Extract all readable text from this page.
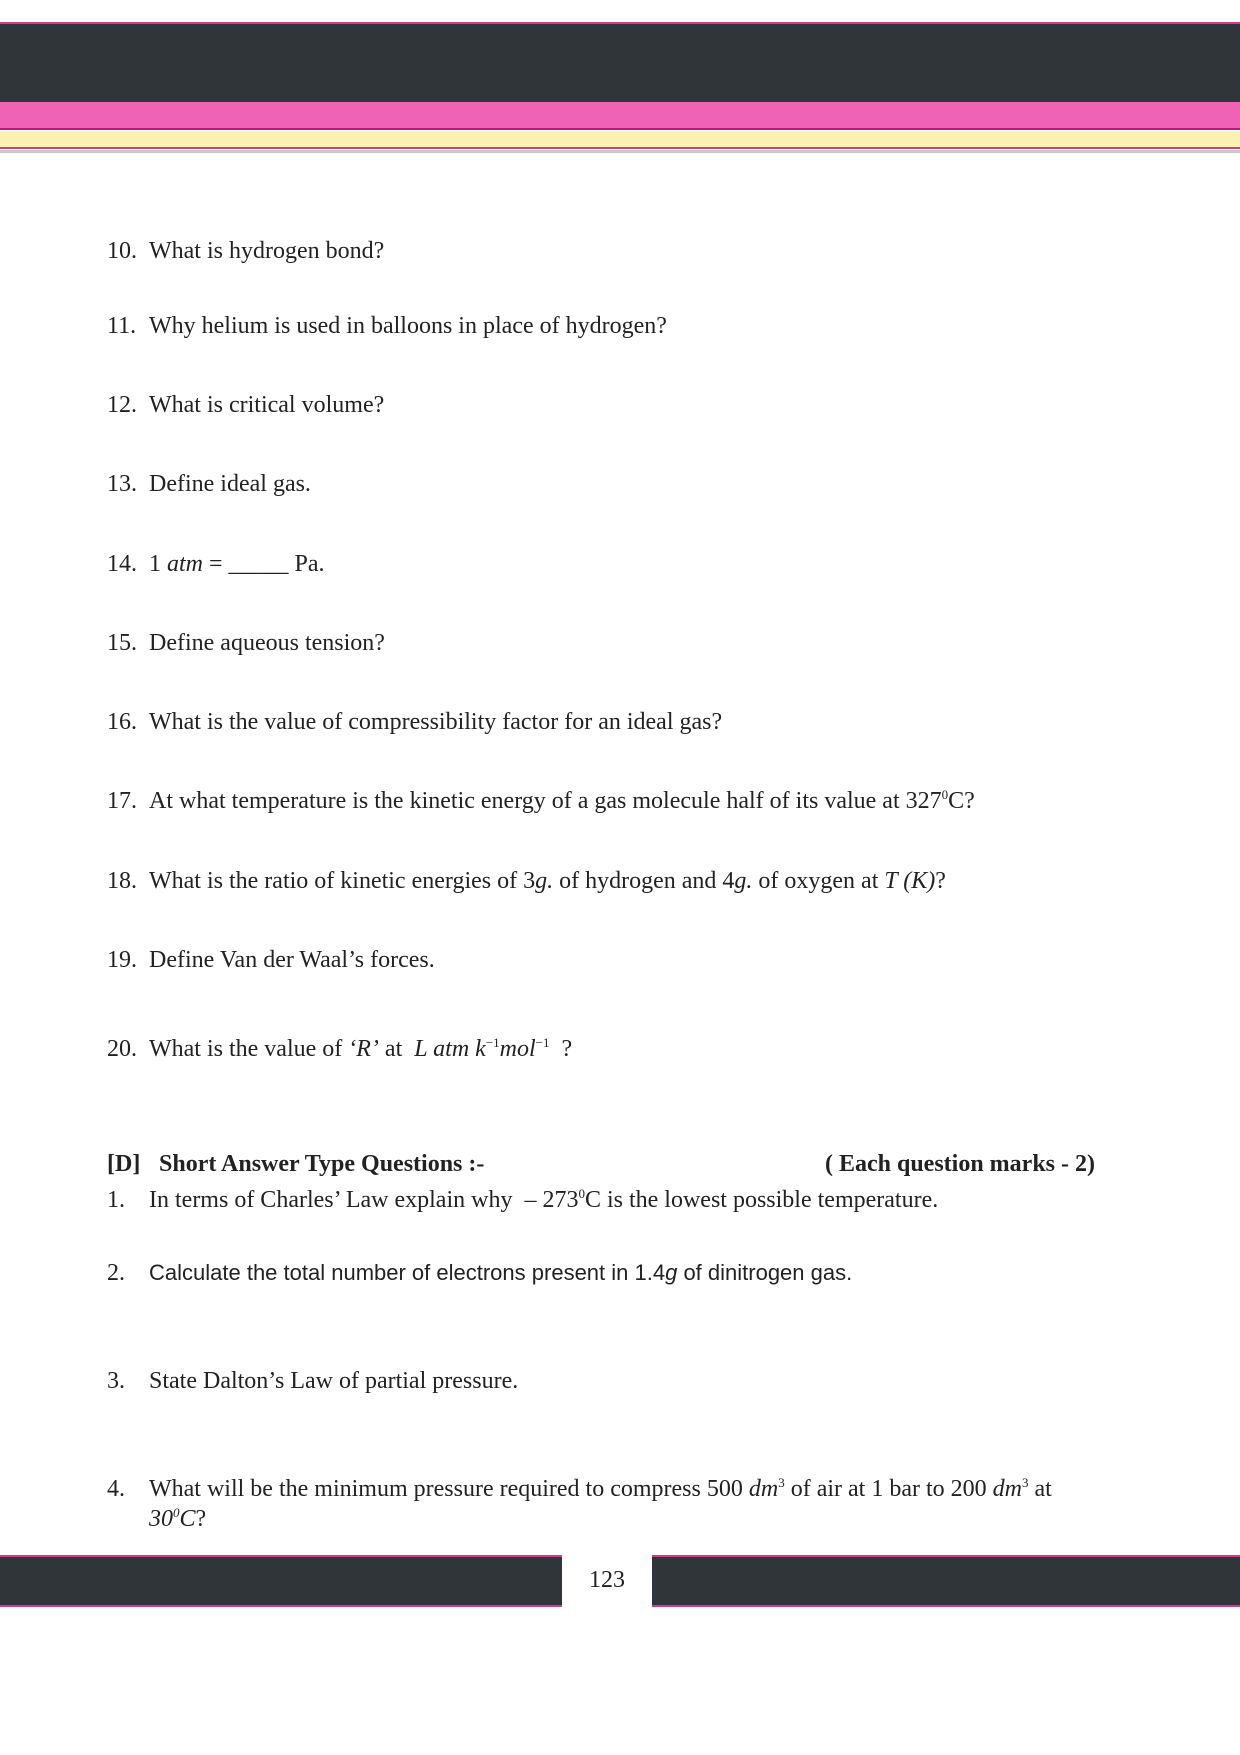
10. What is hydrogen bond?
11. Why helium is used in balloons in place of hydrogen?
12. What is critical volume?
13. Define ideal gas.
14. 1 atm = _____ Pa.
15. Define aqueous tension?
16. What is the value of compressibility factor for an ideal gas?
17. At what temperature is the kinetic energy of a gas molecule half of its value at $327^0C$?
18. What is the ratio of kinetic energies of 3g. of hydrogen and 4g. of oxygen at T (K)?
19. Define Van der Waal’s forces.
20. What is the value of ‘R’ at  L atm $k^{-1}mol^{-1}$  ?
[D] Short Answer Type Questions :-	( Each question marks - 2)
1. In terms of Charles’ Law explain why  – $273^0C$ is the lowest possible temperature.
2. Calculate the total number of electrons present in 1.4g of dinitrogen gas.
3. State Dalton’s Law of partial pressure.
4. What will be the minimum pressure required to compress 500 $dm^3$ of air at 1 bar to 200 $dm^3$ at
$30^0C$?
123
